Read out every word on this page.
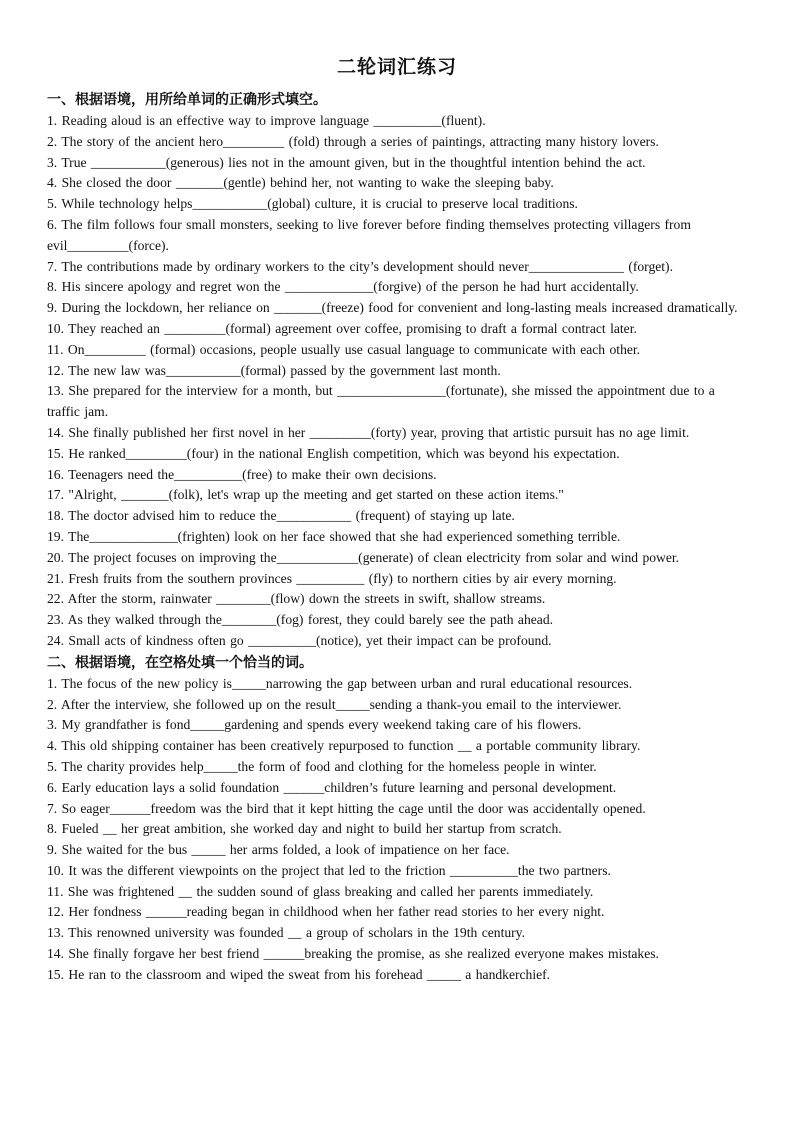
二轮词汇练习
一、根据语境，用所给单词的正确形式填空。

1. Reading aloud is an effective way to improve language __________(fluent).

2. The story of the ancient hero_________ (fold) through a series of paintings, attracting many history lovers.

3. True ___________(generous) lies not in the amount given, but in the thoughtful intention behind the act.

4. She closed the door _______(gentle) behind her, not wanting to wake the sleeping baby.

5. While technology helps___________(global) culture, it is crucial to preserve local traditions.

6. The film follows four small monsters, seeking to live forever before finding themselves protecting villagers from evil_________(force).

7. The contributions made by ordinary workers to the city’s development should never______________ (forget).

8. His sincere apology and regret won the _____________(forgive) of the person he had hurt accidentally.

9. During the lockdown, her reliance on _______(freeze) food for convenient and long-lasting meals increased dramatically.

10. They reached an _________(formal) agreement over coffee, promising to draft a formal contract later.

11. On_________ (formal) occasions, people usually use casual language to communicate with each other.

12. The new law was___________(formal) passed by the government last month.

13. She prepared for the interview for a month, but ________________(fortunate), she missed the appointment due to a traffic jam.

14. She finally published her first novel in her _________(forty) year, proving that artistic pursuit has no age limit.

15. He ranked_________(four) in the national English competition, which was beyond his expectation.

16. Teenagers need the__________(free) to make their own decisions.

17. "Alright, _______(folk), let's wrap up the meeting and get started on these action items."

18. The doctor advised him to reduce the___________ (frequent) of staying up late.

19. The_____________(frighten) look on her face showed that she had experienced something terrible.

20. The project focuses on improving the____________(generate) of clean electricity from solar and wind power.

21. Fresh fruits from the southern provinces __________ (fly) to northern cities by air every morning.

22. After the storm, rainwater ________(flow) down the streets in swift, shallow streams.

23. As they walked through the________(fog) forest, they could barely see the path ahead.

24. Small acts of kindness often go __________(notice), yet their impact can be profound.

二、根据语境，在空格处填一个恰当的词。

1. The focus of the new policy is_____narrowing the gap between urban and rural educational resources.

2. After the interview, she followed up on the result_____sending a thank-you email to the interviewer.

3. My grandfather is fond_____gardening and spends every weekend taking care of his flowers.

4. This old shipping container has been creatively repurposed to function __ a portable community library.

5. The charity provides help_____the form of food and clothing for the homeless people in winter.

6. Early education lays a solid foundation ______children’s future learning and personal development.

7. So eager______freedom was the bird that it kept hitting the cage until the door was accidentally opened.

8. Fueled __ her great ambition, she worked day and night to build her startup from scratch.

9. She waited for the bus _____ her arms folded, a look of impatience on her face.

10. It was the different viewpoints on the project that led to the friction __________the two partners.

11. She was frightened __ the sudden sound of glass breaking and called her parents immediately.

12. Her fondness ______reading began in childhood when her father read stories to her every night.

13. This renowned university was founded __ a group of scholars in the 19th century.

14. She finally forgave her best friend ______breaking the promise, as she realized everyone makes mistakes.

15. He ran to the classroom and wiped the sweat from his forehead _____ a handkerchief.
